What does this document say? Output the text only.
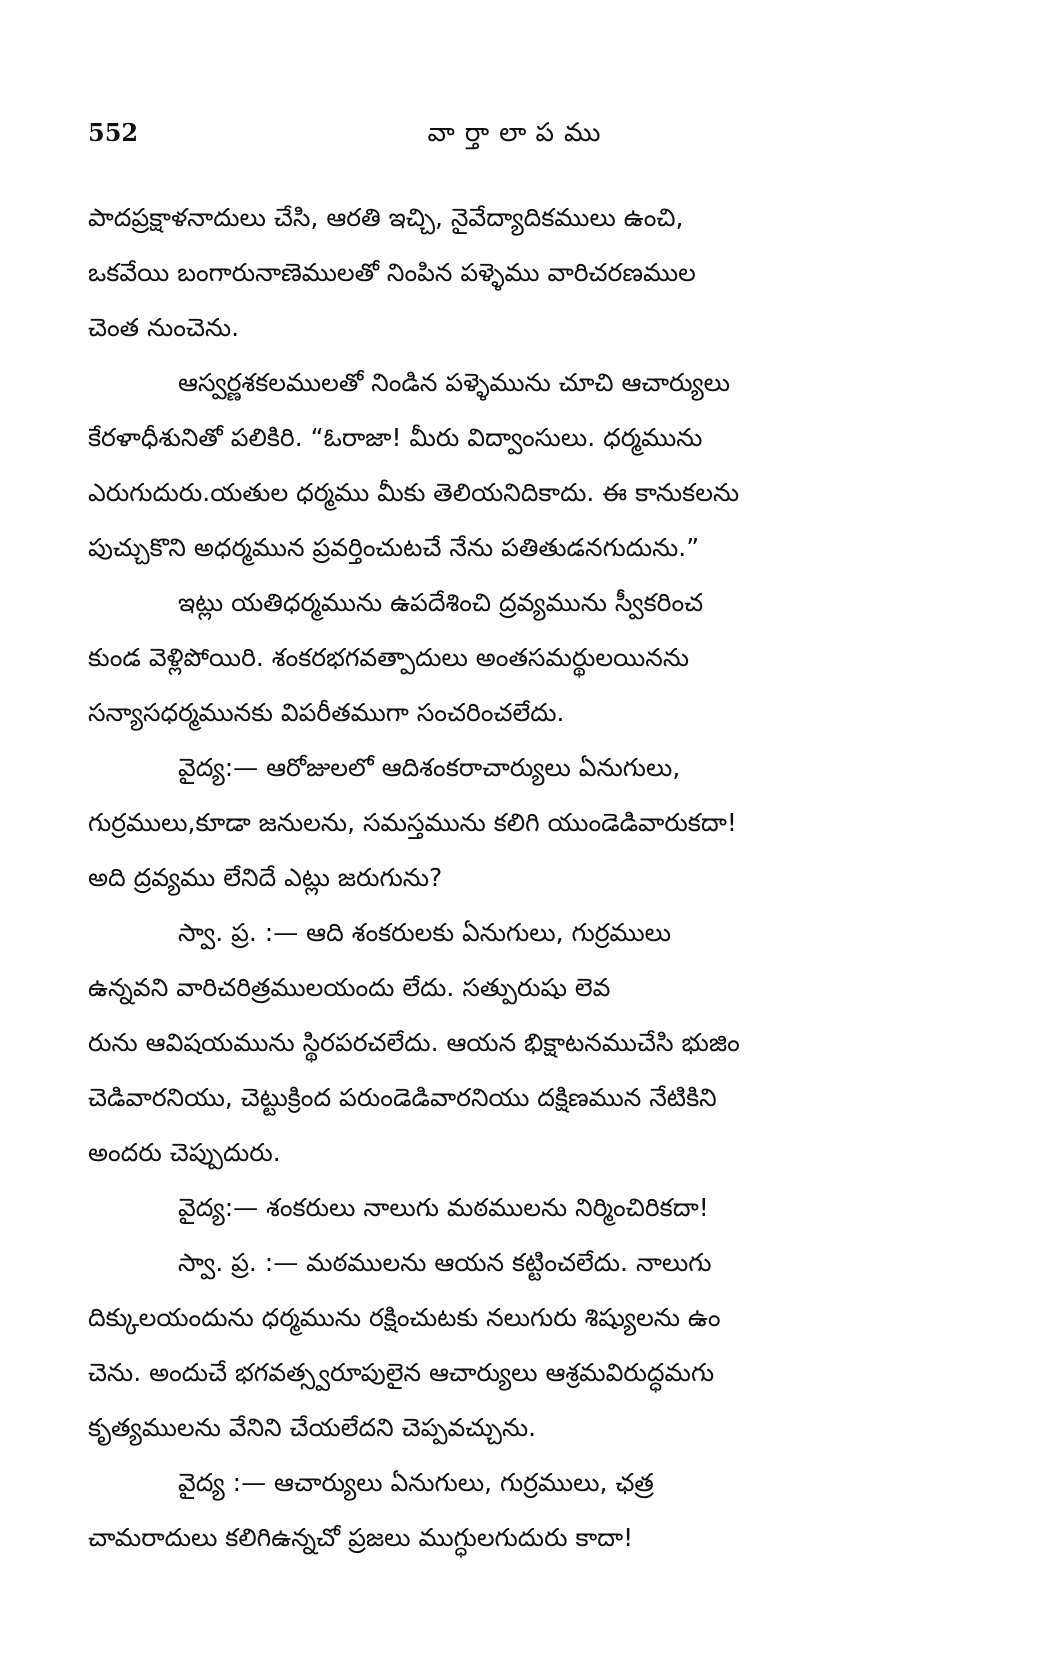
552	వార్తాలాపము
పాదప్రక్షాళనాదులు చేసి, ఆరతి ఇచ్చి, నైవేద్యాదికములు ఉంచి,
ఒకవేయి బంగారునాణెములతో నింపిన పళ్ళెము వారిచరణముల
చెంత నుంచెను.
ఆస్వర్ణశకలములతో నిండిన పళ్ళెమును చూచి ఆచార్యులు
కేరళాధీశునితో పలికిరి. “ఓరాజా! మీరు విద్వాంసులు. ధర్మమును
ఎరుగుదురు.యతుల ధర్మము మీకు తెలియనిదికాదు. ఈ కానుకలను
పుచ్చుకొని అధర్మమున ప్రవర్తించుటచే నేను పతితుడనగుదును.”
ఇట్లు యతిధర్మమును ఉపదేశించి ద్రవ్యమును స్వీకరించ
కుండ వెళ్లిపోయిరి. శంకరభగవత్పాదులు అంతసమర్థులయినను
సన్యాసధర్మమునకు విపరీతముగా సంచరించలేదు.
వైద్య:— ఆరోజులలో ఆదిశంకరాచార్యులు ఏనుగులు,
గుర్రములు,కూడా జనులను, సమస్తమును కలిగి యుండెడివారుకదా!
అది ద్రవ్యము లేనిదే ఎట్లు జరుగును?
స్వా. ప్ర. :— ఆది శంకరులకు ఏనుగులు, గుర్రములు
ఉన్నవని వారిచరిత్రములయందు లేదు. సత్పురుషు లెవ
రును ఆవిషయమును స్థిరపరచలేదు. ఆయన భిక్షాటనముచేసి భుజిం
చెడివారనియు, చెట్టుక్రింద పరుండెడివారనియు దక్షిణమున నేటికిని
అందరు చెప్పుదురు.
వైద్య:— శంకరులు నాలుగు మఠములను నిర్మించిరికదా!
స్వా. ప్ర. :— మఠములను ఆయన కట్టించలేదు. నాలుగు
దిక్కులయందును ధర్మమును రక్షించుటకు నలుగురు శిష్యులను ఉం
చెను. అందుచే భగవత్స్వరూపులైన ఆచార్యులు ఆశ్రమవిరుద్ధమగు
కృత్యములను వేనిని చేయలేదని చెప్పవచ్చును.
వైద్య :— ఆచార్యులు ఏనుగులు, గుర్రములు, ఛత్ర
చామరాదులు కలిగిఉన్నచో ప్రజలు ముగ్ధులగుదురు కాదా!
